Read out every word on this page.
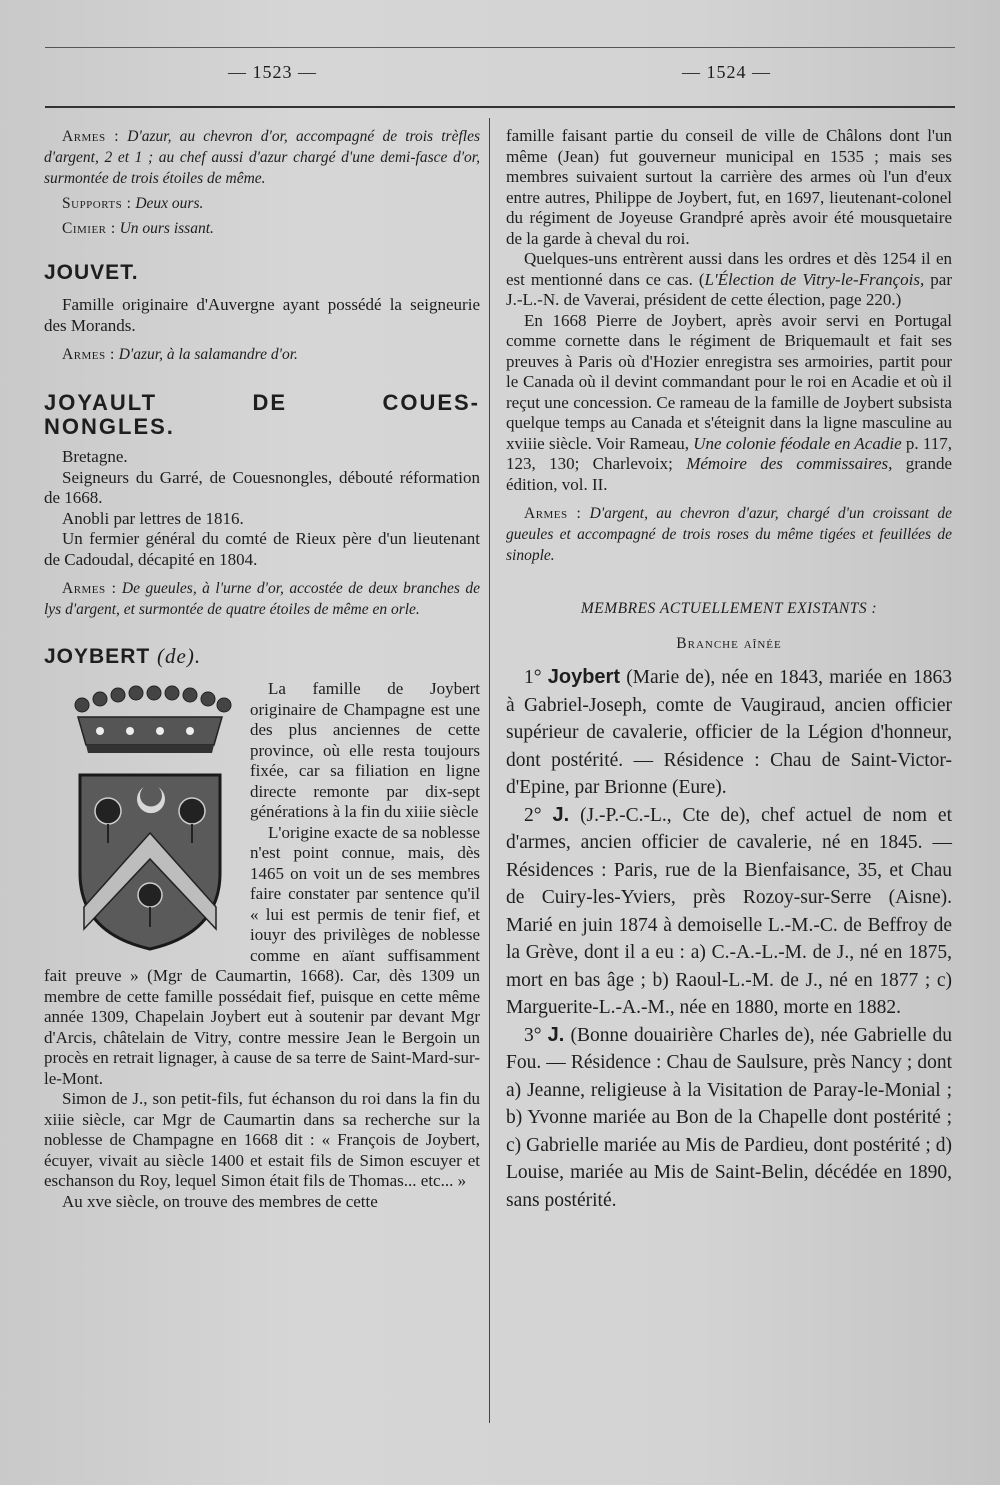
— 1523 —	— 1524 —

Armes : D'azur, au chevron d'or, accompagné de trois trèfles d'argent, 2 et 1 ; au chef aussi d'azur chargé d'une demi-fasce d'or, surmontée de trois étoiles de même.

Supports : Deux ours.

Cimier : Un ours issant.

JOUVET.

Famille originaire d'Auvergne ayant possédé la seigneurie des Morands.

Armes : D'azur, à la salamandre d'or.

JOYAULT	DE	COUES-
NONGLES.

Bretagne.

Seigneurs du Garré, de Couesnongles, débouté réformation de 1668.

Anobli par lettres de 1816.

Un fermier général du comté de Rieux père d'un lieutenant de Cadoudal, décapité en 1804.

Armes : De gueules, à l'urne d'or, accostée de deux branches de lys d'argent, et surmontée de quatre étoiles de même en orle.

JOYBERT (de).

La famille de Joybert originaire de Champagne est une des plus anciennes de cette province, où elle resta toujours fixée, car sa filiation en ligne directe remonte par dix-sept générations à la fin du xiiie siècle

L'origine exacte de sa noblesse n'est point connue, mais, dès 1465 on voit un de ses membres faire constater par sentence qu'il « lui est permis de tenir fief, et iouyr des privilèges de noblesse comme en aïant suffisamment fait preuve » (Mgr de Caumartin, 1668). Car, dès 1309 un membre de cette famille possédait fief, puisque en cette même année 1309, Chapelain Joybert eut à soutenir par devant Mgr d'Arcis, châtelain de Vitry, contre messire Jean le Bergoin un procès en retrait lignager, à cause de sa terre de Saint-Mard-sur-le-Mont.

Simon de J., son petit-fils, fut échanson du roi dans la fin du xiiie siècle, car Mgr de Caumartin dans sa recherche sur la noblesse de Champagne en 1668 dit : « François de Joybert, écuyer, vivait au siècle 1400 et estait fils de Simon escuyer et eschanson du Roy, lequel Simon était fils de Thomas... etc... »

Au xve siècle, on trouve des membres de cette

famille faisant partie du conseil de ville de Châlons dont l'un même (Jean) fut gouverneur municipal en 1535 ; mais ses membres suivaient surtout la carrière des armes où l'un d'eux entre autres, Philippe de Joybert, fut, en 1697, lieutenant-colonel du régiment de Joyeuse Grandpré après avoir été mousquetaire de la garde à cheval du roi.

Quelques-uns entrèrent aussi dans les ordres et dès 1254 il en est mentionné dans ce cas. (L'Élection de Vitry-le-François, par J.-L.-N. de Vaverai, président de cette élection, page 220.)

En 1668 Pierre de Joybert, après avoir servi en Portugal comme cornette dans le régiment de Briquemault et fait ses preuves à Paris où d'Hozier enregistra ses armoiries, partit pour le Canada où il devint commandant pour le roi en Acadie et où il reçut une concession. Ce rameau de la famille de Joybert subsista quelque temps au Canada et s'éteignit dans la ligne masculine au xviiie siècle. Voir Rameau, Une colonie féodale en Acadie p. 117, 123, 130; Charlevoix; Mémoire des commissaires, grande édition, vol. II.

Armes : D'argent, au chevron d'azur, chargé d'un croissant de gueules et accompagné de trois roses du même tigées et feuillées de sinople.

MEMBRES ACTUELLEMENT EXISTANTS :

Branche aînée

1° Joybert (Marie de), née en 1843, mariée en 1863 à Gabriel-Joseph, comte de Vaugiraud, ancien officier supérieur de cavalerie, officier de la Légion d'honneur, dont postérité. — Résidence : Chau de Saint-Victor-d'Epine, par Brionne (Eure).

2° J. (J.-P.-C.-L., Cte de), chef actuel de nom et d'armes, ancien officier de cavalerie, né en 1845. — Résidences : Paris, rue de la Bienfaisance, 35, et Chau de Cuiry-les-Yviers, près Rozoy-sur-Serre (Aisne). Marié en juin 1874 à demoiselle L.-M.-C. de Beffroy de la Grève, dont il a eu : a) C.-A.-L.-M. de J., né en 1875, mort en bas âge ; b) Raoul-L.-M. de J., né en 1877 ; c) Marguerite-L.-A.-M., née en 1880, morte en 1882.

3° J. (Bonne douairière Charles de), née Gabrielle du Fou. — Résidence : Chau de Saulsure, près Nancy ; dont a) Jeanne, religieuse à la Visitation de Paray-le-Monial ; b) Yvonne mariée au Bon de la Chapelle dont postérité ; c) Gabrielle mariée au Mis de Pardieu, dont postérité ; d) Louise, mariée au Mis de Saint-Belin, décédée en 1890, sans postérité.
